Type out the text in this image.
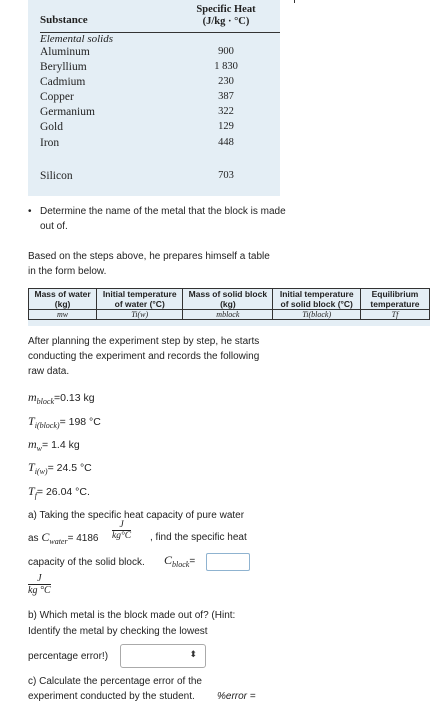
Substance
Specific Heat
(J/kg · °C)
Elemental solids
Aluminum	900
Beryllium	1 830
Cadmium	230
Copper	387
Germanium	322
Gold	129
Iron	448
Silicon	703
• Determine the name of the metal that the block is made out of.
Based on the steps above, he prepares himself a table in the form below.
Mass of water	Initial temperature	Mass of solid block	Initial temperature	Equilibrium
(kg)	of water (°C)	(kg)	of solid block (°C)	temperature
mw	Ti(w)	mblock	Ti(block)	Tf
After planning the experiment step by step, he starts conducting the experiment and records the following raw data.
$m_{block}=0.13$ kg
$T_{i(block)}= 198$ °C
$m_w= 1.4$ kg
$T_{i(w)}= 24.5$ °C
$T_f= 26.04$ °C.
a) Taking the specific heat capacity of pure water
as $C_{water}= 4186 \frac{J}{kg^\circ C}$ , find the specific heat
capacity of the solid block. $C_{block}=$
$\frac{J}{kg ^\circ C}$
b) Which metal is the block made out of? (Hint:
Identify the metal by checking the lowest
percentage error!)	⬍
c) Calculate the percentage error of the
experiment conducted by the student. %error =
